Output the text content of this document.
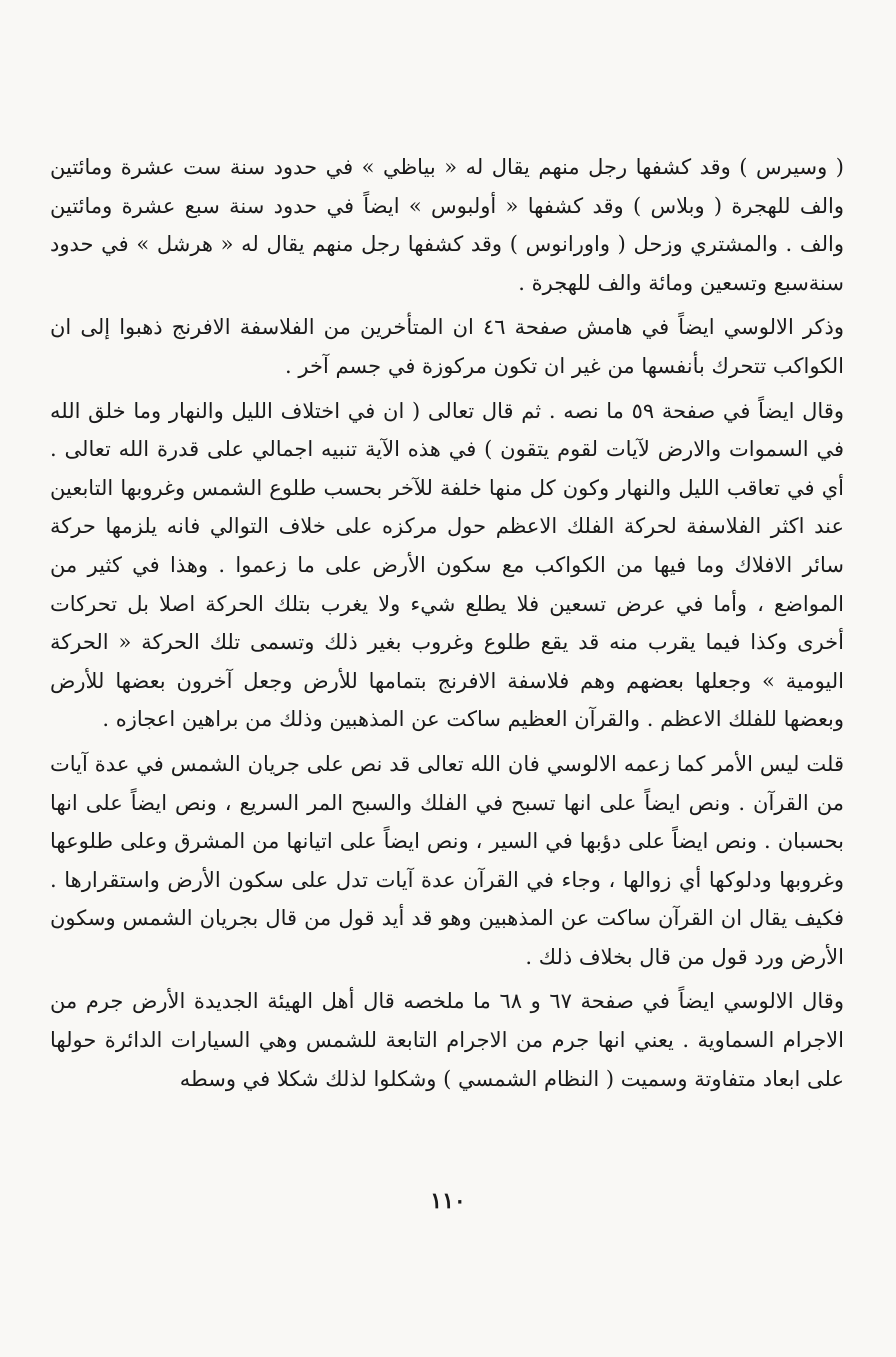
( وسيرس ) وقد كشفها رجل منهم يقال له « بياظي » في حدود سنة ست عشرة ومائتين والف للهجرة ( وبلاس ) وقد كشفها « أولبوس » ايضاً في حدود سنة سبع عشرة ومائتين والف . والمشتري وزحل ( واورانوس ) وقد كشفها رجل منهم يقال له « هرشل » في حدود سنةسبع وتسعين ومائة والف للهجرة .

وذكر الالوسي ايضاً في هامش صفحة ٤٦ ان المتأخرين من الفلاسفة الافرنج ذهبوا إلى ان الكواكب تتحرك بأنفسها من غير ان تكون مركوزة في جسم آخر .

وقال ايضاً في صفحة ٥٩ ما نصه . ثم قال تعالى ( ان في اختلاف الليل والنهار وما خلق الله في السموات والارض لآيات لقوم يتقون ) في هذه الآية تنبيه اجمالي على قدرة الله تعالى . أي في تعاقب الليل والنهار وكون كل منها خلفة للآخر بحسب طلوع الشمس وغروبها التابعين عند اكثر الفلاسفة لحركة الفلك الاعظم حول مركزه على خلاف التوالي فانه يلزمها حركة سائر الافلاك وما فيها من الكواكب مع سكون الأرض على ما زعموا . وهذا في كثير من المواضع ، وأما في عرض تسعين فلا يطلع شيء ولا يغرب بتلك الحركة اصلا بل تحركات أخرى وكذا فيما يقرب منه قد يقع طلوع وغروب بغير ذلك وتسمى تلك الحركة « الحركة اليومية » وجعلها بعضهم وهم فلاسفة الافرنج بتمامها للأرض وجعل آخرون بعضها للأرض وبعضها للفلك الاعظم . والقرآن العظيم ساكت عن المذهبين وذلك من براهين اعجازه .

قلت ليس الأمر كما زعمه الالوسي فان الله تعالى قد نص على جريان الشمس في عدة آيات من القرآن . ونص ايضاً على انها تسبح في الفلك والسبح المر السريع ، ونص ايضاً على انها بحسبان . ونص ايضاً على دؤبها في السير ، ونص ايضاً على اتيانها من المشرق وعلى طلوعها وغروبها ودلوكها أي زوالها ، وجاء في القرآن عدة آيات تدل على سكون الأرض واستقرارها . فكيف يقال ان القرآن ساكت عن المذهبين وهو قد أيد قول من قال بجريان الشمس وسكون الأرض ورد قول من قال بخلاف ذلك .

وقال الالوسي ايضاً في صفحة ٦٧ و ٦٨ ما ملخصه قال أهل الهيئة الجديدة الأرض جرم من الاجرام السماوية . يعني انها جرم من الاجرام التابعة للشمس وهي السيارات الدائرة حولها على ابعاد متفاوتة وسميت ( النظام الشمسي ) وشكلوا لذلك شكلا في وسطه

١١٠
